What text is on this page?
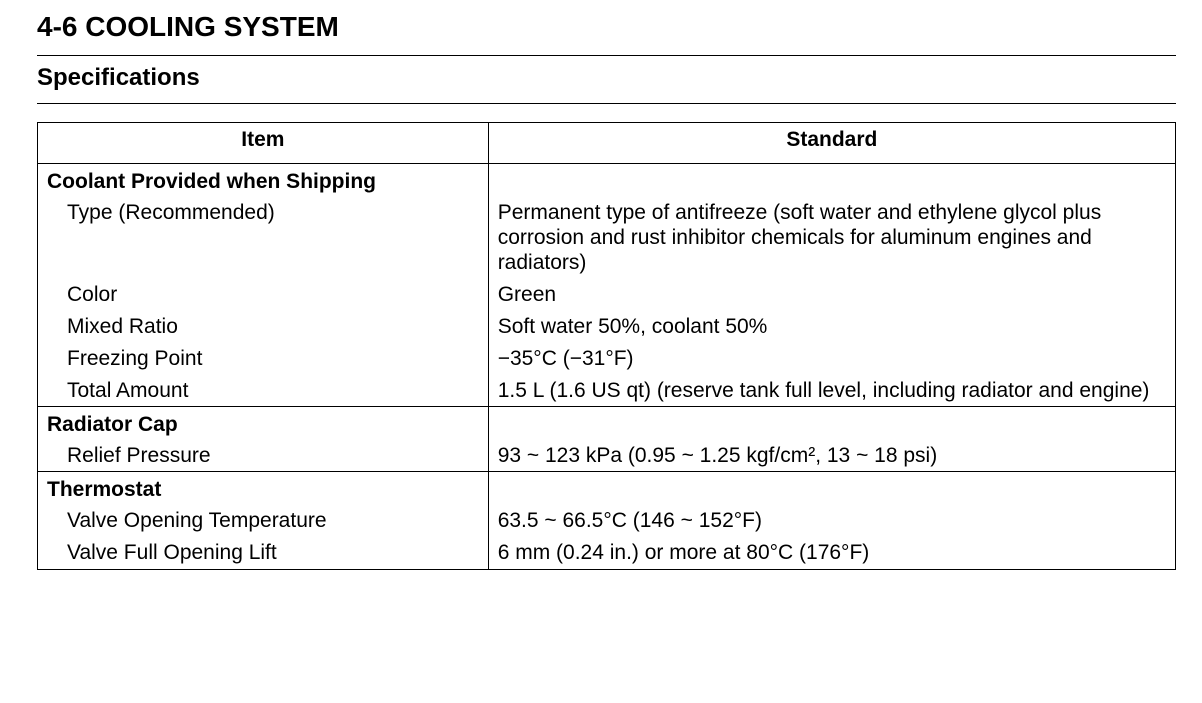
4-6 COOLING SYSTEM
Specifications
Item	Standard
Coolant Provided when Shipping	
Type (Recommended)	Permanent type of antifreeze (soft water and ethylene glycol plus corrosion and rust inhibitor chemicals for aluminum engines and radiators)
Color	Green
Mixed Ratio	Soft water 50%, coolant 50%
Freezing Point	−35°C (−31°F)
Total Amount	1.5 L (1.6 US qt) (reserve tank full level, including radiator and engine)
Radiator Cap	
Relief Pressure	93 ~ 123 kPa (0.95 ~ 1.25 kgf/cm², 13 ~ 18 psi)
Thermostat	
Valve Opening Temperature	63.5 ~ 66.5°C (146 ~ 152°F)
Valve Full Opening Lift	6 mm (0.24 in.) or more at 80°C (176°F)
